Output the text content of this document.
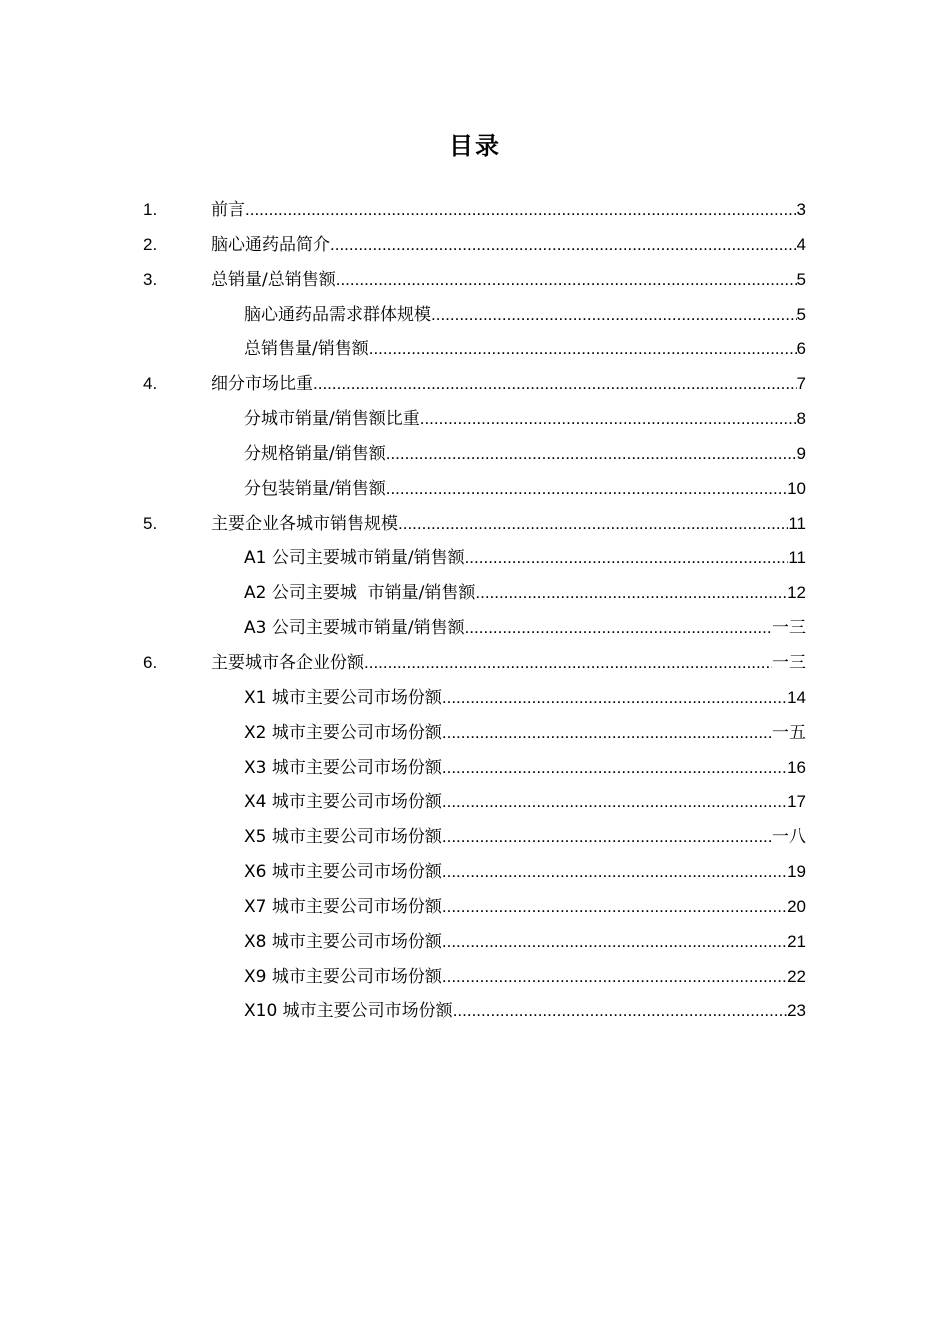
目录
1.	前言 .....	3
2.	脑心通药品简介 .....	4
3.	总销量/总销售额 .....	5
脑心通药品需求群体规模 .....	5
总销售量/销售额 .....	6
4.	细分市场比重 .....	7
分城市销量/销售额比重 .....	8
分规格销量/销售额 .....	9
分包装销量/销售额 .....	10
5.	主要企业各城市销售规模 .....	11
A1 公司主要城市销量/销售额 .....	11
A2 公司主要城  市销量/销售额 .....	12
A3 公司主要城市销量/销售额 .....	一三
6.	主要城市各企业份额 .....	一三
X1 城市主要公司市场份额 .....	14
X2 城市主要公司市场份额 .....	一五
X3 城市主要公司市场份额 .....	16
X4 城市主要公司市场份额 .....	17
X5 城市主要公司市场份额 .....	一八
X6 城市主要公司市场份额 .....	19
X7 城市主要公司市场份额 .....	20
X8 城市主要公司市场份额 .....	21
X9 城市主要公司市场份额 .....	22
X10 城市主要公司市场份额 .....	23
